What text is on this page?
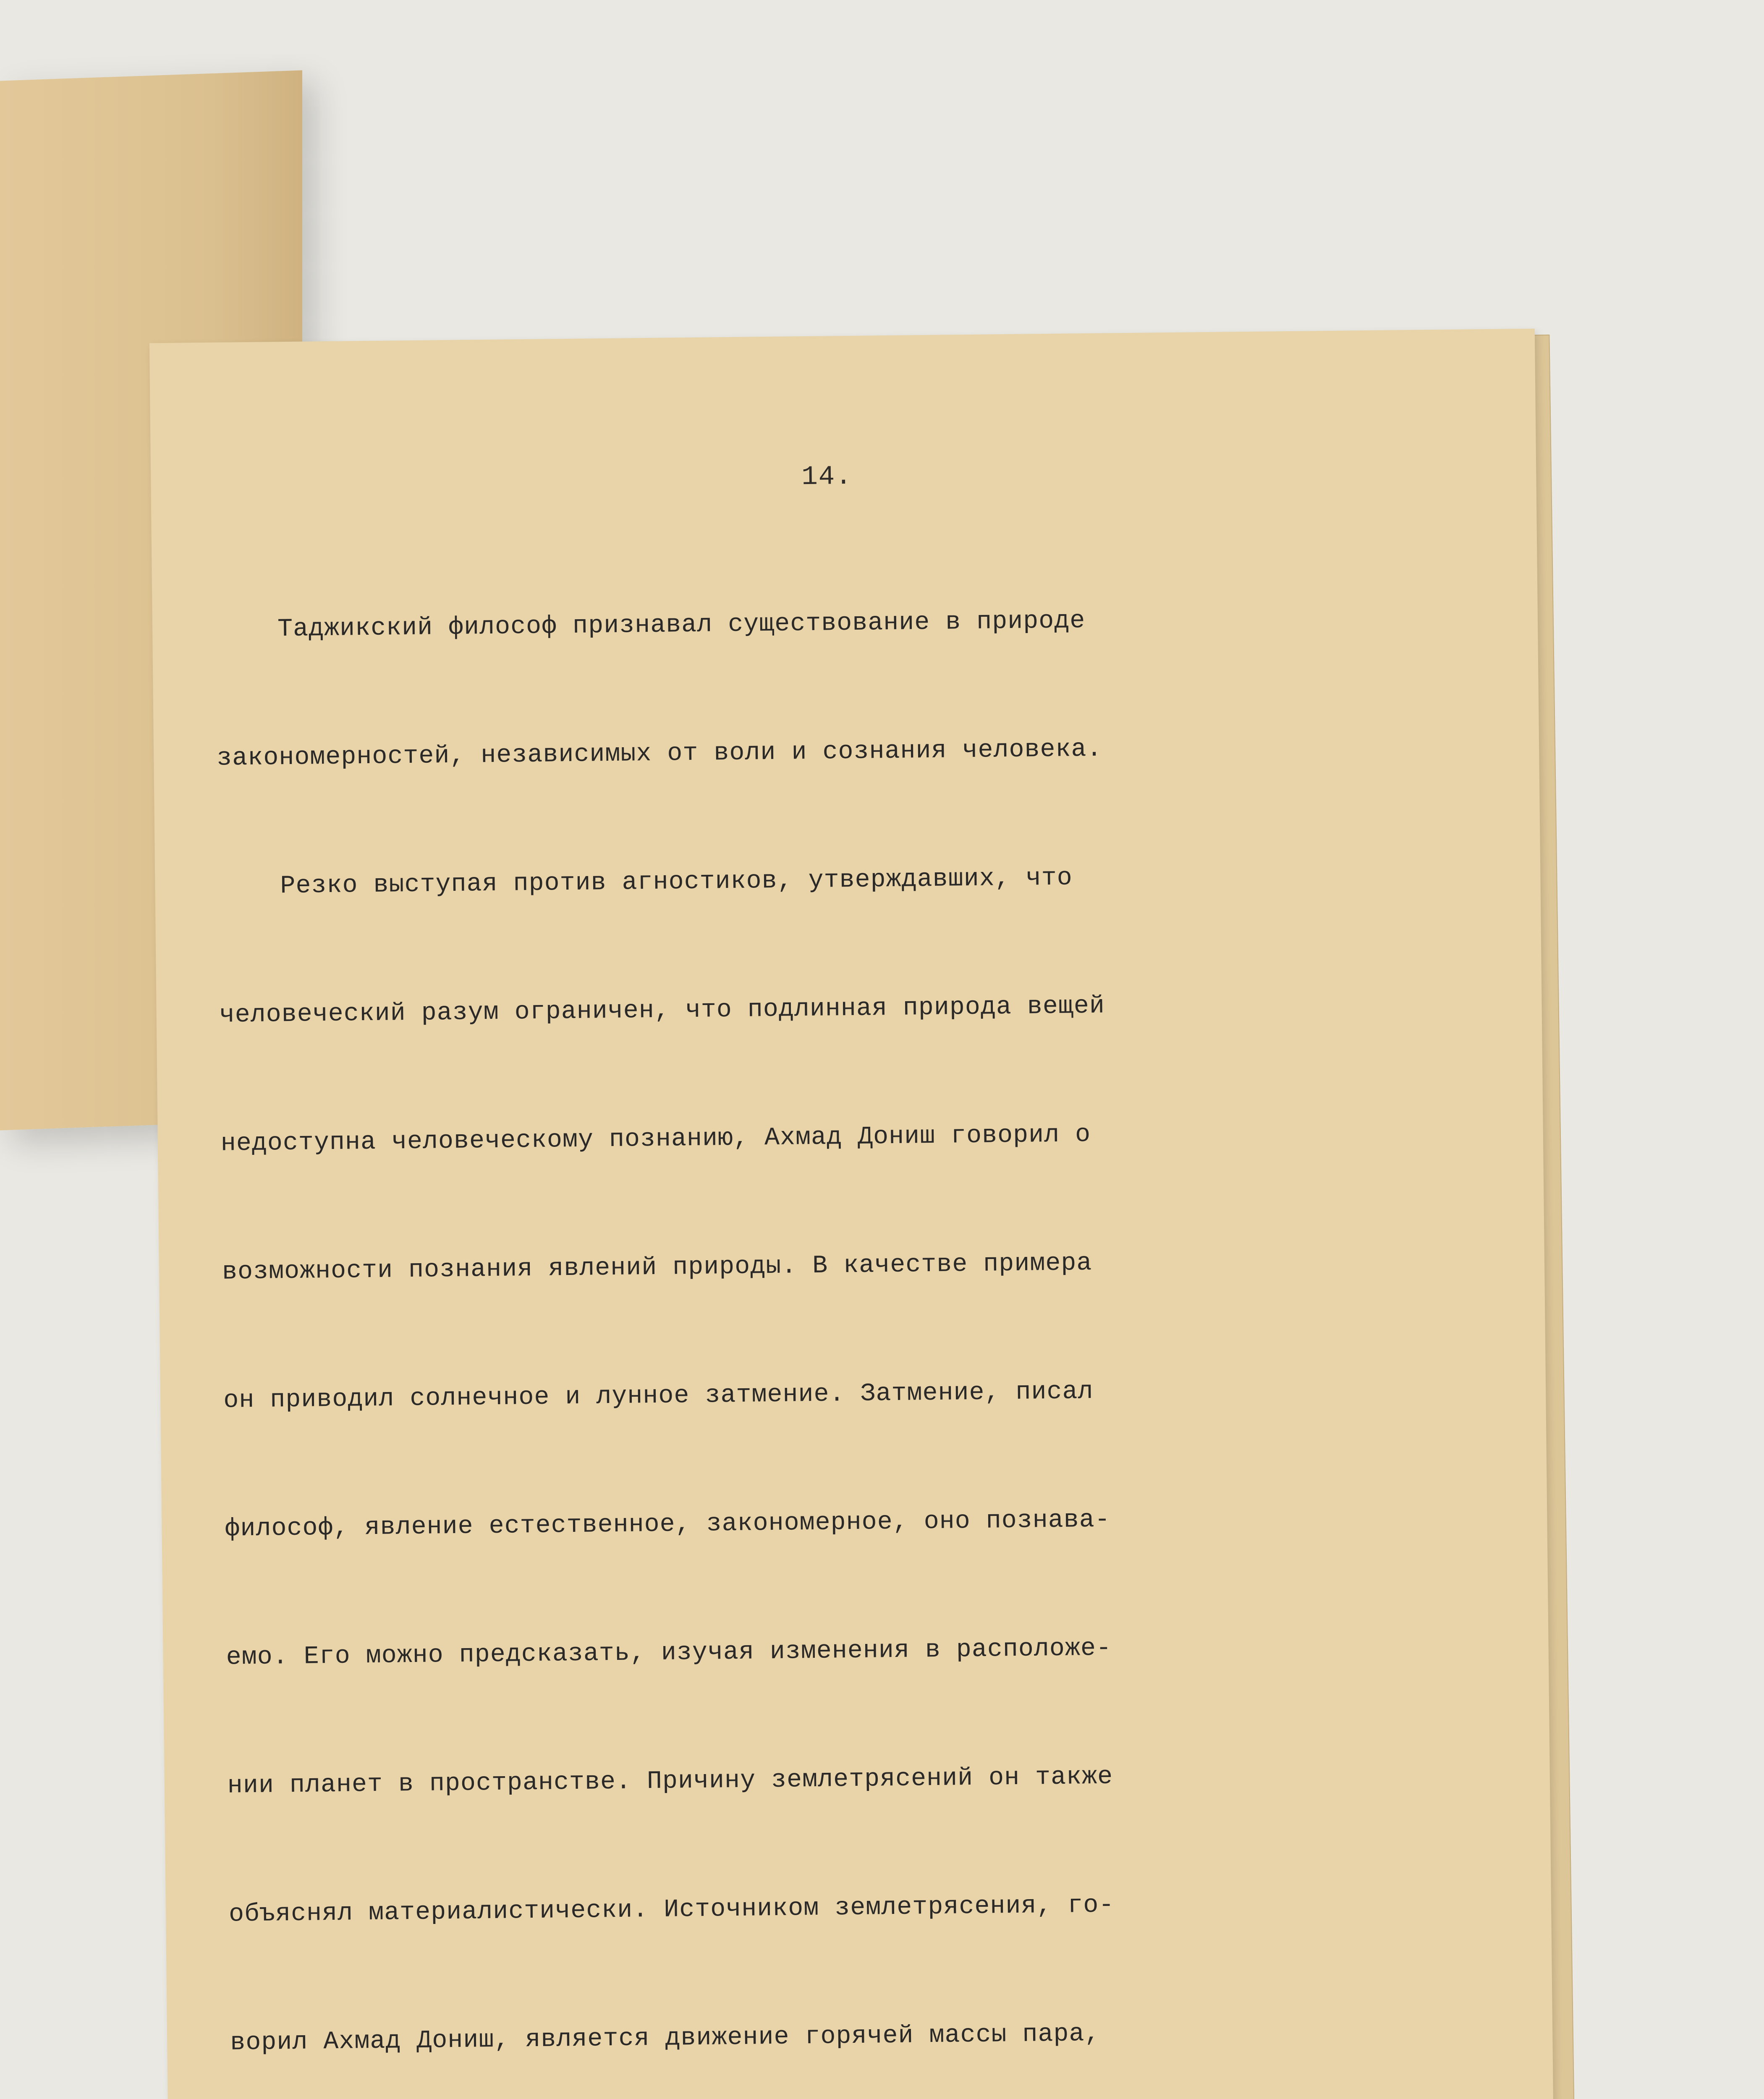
14.

Таджикский философ признавал существование в природе

закономерностей, независимых от воли и сознания человека.

Резко выступая против агностиков, утверждавших, что

человеческий разум ограничен, что подлинная природа вещей

недоступна человеческому познанию, Ахмад Дониш говорил о

возможности познания явлений природы. В качестве примера

он приводил солнечное и лунное затмение. Затмение, писал

философ, явление естественное, закономерное, оно познава-

емо. Его можно предсказать, изучая изменения в расположе-

нии планет в пространстве. Причину землетрясений он также

объяснял материалистически. Источником землетрясения, го-

ворил Ахмад Дониш, является движение горячей массы пара,
